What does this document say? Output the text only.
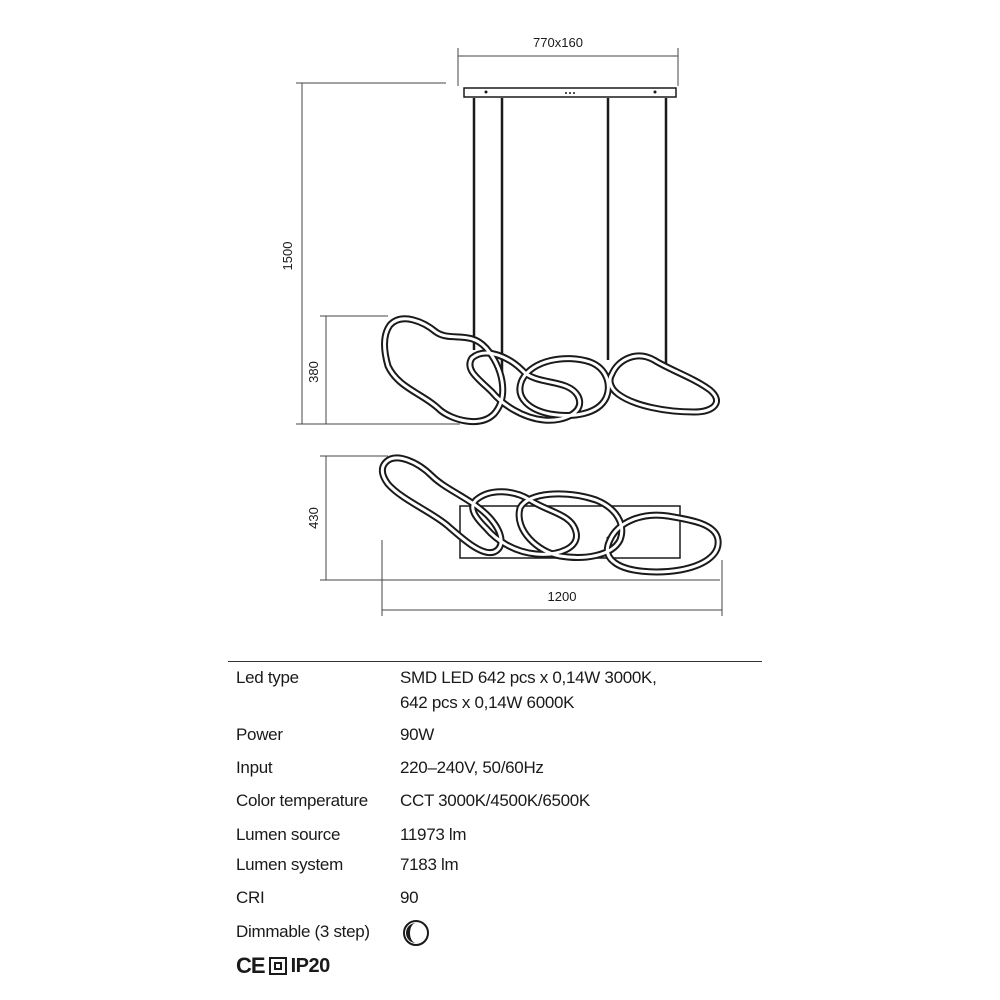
770x160
1500
380
430
1200
Led type	SMD LED 642 pcs x 0,14W 3000K,
642 pcs x 0,14W 6000K
Power	90W
Input	220–240V, 50/60Hz
Color temperature CCT 3000K/4500K/6500K
Lumen source	11973 lm
Lumen system	7183 lm
CRI	90
Dimmable (3 step)
CE IP20
